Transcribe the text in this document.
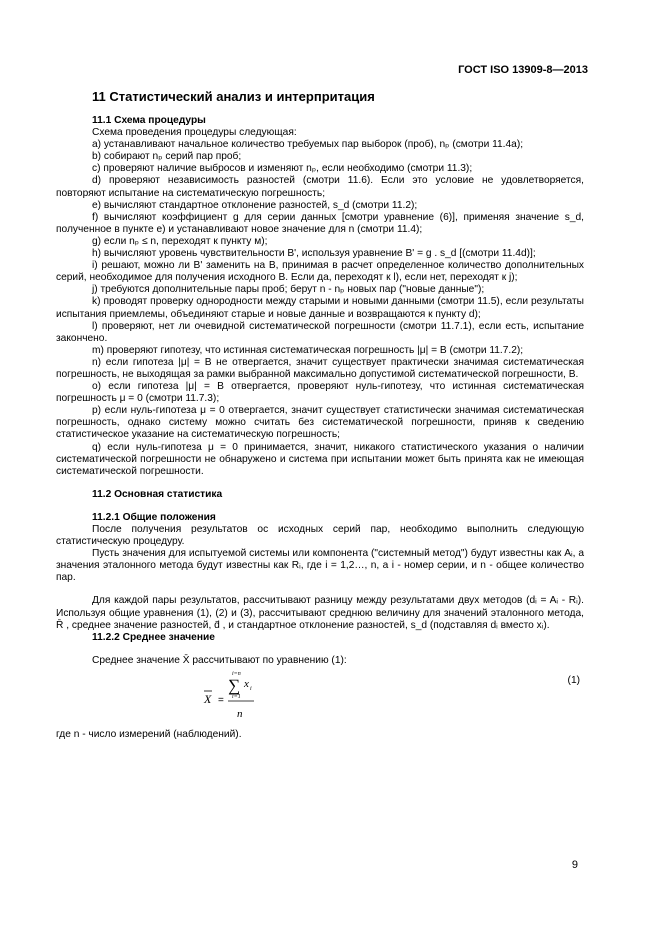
ГОСТ ISO 13909-8—2013
11 Статистический анализ и интерпритация

11.1 Схема процедуры

Схема проведения процедуры следующая:

а) устанавливают начальное количество требуемых пар выборок (проб), nₚ (смотри 11.4а);

b) собирают nₚ серий пар проб;

с) проверяют наличие выбросов и изменяют nₚ, если необходимо (смотри 11.3);

d) проверяют независимость разностей (смотри 11.6). Если это условие не удовлетворяется, повторяют испытание на систематическую погрешность;

е) вычисляют стандартное отклонение разностей, s_d (смотри 11.2);

f) вычисляют коэффициент g для серии данных [смотри уравнение (6)], применяя значение s_d, полученное в пункте е) и устанавливают новое значение для n (смотри 11.4);

g) если nₚ ≤ n, переходят к пункту м);

h) вычисляют уровень чувствительности B', используя уравнение B' = g . s_d [(смотри 11.4d)];

i) решают, можно ли B' заменить на B, принимая в расчет определенное количество дополнительных серий, необходимое для получения исходного B. Если да, переходят к l), если нет, переходят к j);

j) требуются дополнительные пары проб; берут n - nₚ новых пар ("новые данные");

k) проводят проверку однородности между старыми и новыми данными (смотри 11.5), если результаты испытания приемлемы, объединяют старые и новые данные и возвращаются к пункту d);

l) проверяют, нет ли очевидной систематической погрешности (смотри 11.7.1), если есть, испытание закончено.

m) проверяют гипотезу, что истинная систематическая погрешность |μ| = B (смотри 11.7.2);

n) если гипотеза |μ| = B не отвергается, значит существует практически значимая систематическая погрешность, не выходящая за рамки выбранной максимально допустимой систематической погрешности, B.

о) если гипотеза |μ| = B отвергается, проверяют нуль-гипотезу, что истинная систематическая погрешность μ = 0 (смотри 11.7.3);

р) если нуль-гипотеза μ = 0 отвергается, значит существует статистически значимая систематическая погрешность, однако систему можно считать без систематической погрешности, приняв к сведению статистическое указание на систематическую погрешность;

q) если нуль-гипотеза μ = 0 принимается, значит, никакого статистического указания о наличии систематической погрешности не обнаружено и система при испытании может быть принята как не имеющая систематической погрешности.

11.2 Основная статистика

11.2.1 Общие положения

После получения результатов ос исходных серий пар, необходимо выполнить следующую статистическую процедуру.

Пусть значения для испытуемой системы или компонента ("системный метод") будут известны как Aᵢ, а значения эталонного метода будут известны как Rᵢ, где i = 1,2…, n, а i - номер серии, и n - общее количество пар.

Для каждой пары результатов, рассчитывают разницу между результатами двух методов (dᵢ = Aᵢ - Rᵢ). Используя общие уравнения (1), (2) и (3), рассчитывают среднюю величину для значений эталонного метода, R̄ , среднее значение разностей, d̄ , и стандартное отклонение разностей, s_d (подставляя dᵢ вместо xᵢ).

11.2.2 Среднее значение

Среднее значение X̄ рассчитывают по уравнению (1):

X =
i=n
∑ x i
i=1
n
(1)

где n - число измерений (наблюдений).

9
